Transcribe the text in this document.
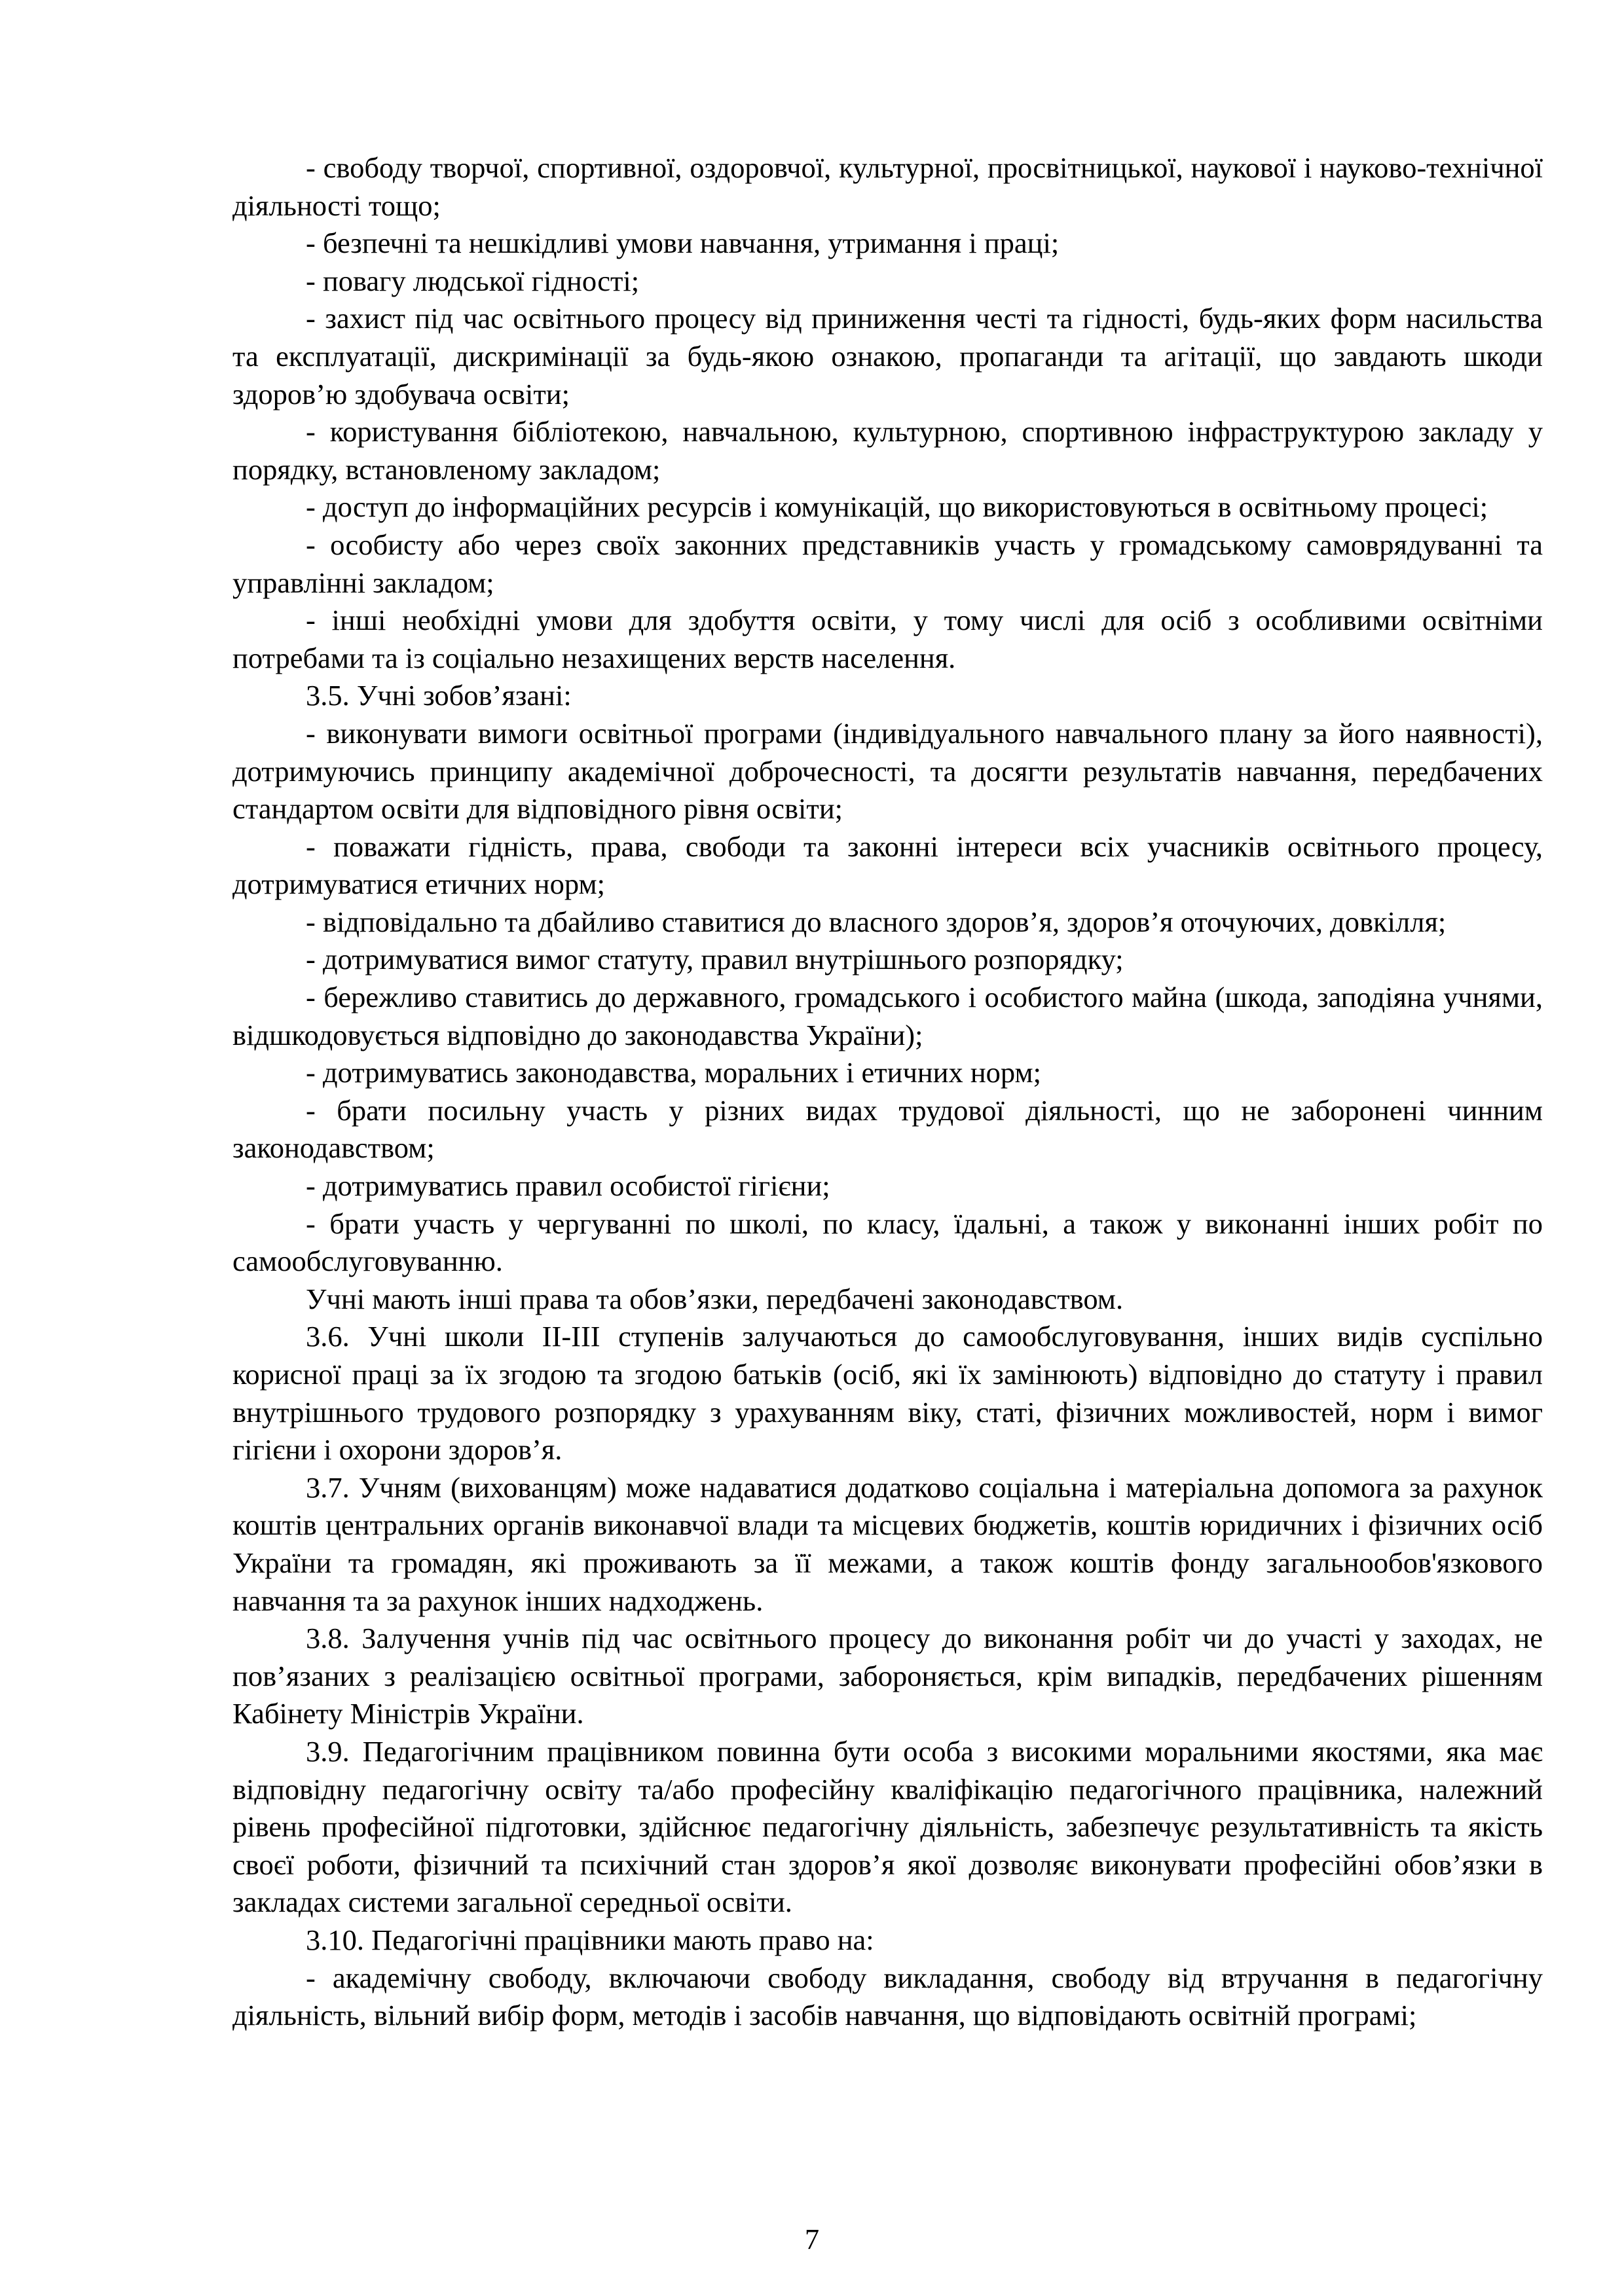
- свободу творчої, спортивної, оздоровчої, культурної, просвітницької, наукової і науково-технічної діяльності тощо;

- безпечні та нешкідливі умови навчання, утримання і праці;

- повагу людської гідності;

- захист під час освітнього процесу від приниження честі та гідності, будь-яких форм насильства та експлуатації, дискримінації за будь-якою ознакою, пропаганди та агітації, що завдають шкоди здоров’ю здобувача освіти;

- користування бібліотекою, навчальною, культурною, спортивною інфраструктурою закладу у порядку, встановленому закладом;

- доступ до інформаційних ресурсів і комунікацій, що використовуються в освітньому процесі;

- особисту або через своїх законних представників участь у громадському самоврядуванні та управлінні закладом;

- інші необхідні умови для здобуття освіти, у тому числі для осіб з особливими освітніми потребами та із соціально незахищених верств населення.

3.5. Учні зобов’язані:

- виконувати вимоги освітньої програми (індивідуального навчального плану за його наявності), дотримуючись принципу академічної доброчесності, та досягти результатів навчання, передбачених стандартом освіти для відповідного рівня освіти;

- поважати гідність, права, свободи та законні інтереси всіх учасників освітнього процесу, дотримуватися етичних норм;

- відповідально та дбайливо ставитися до власного здоров’я, здоров’я оточуючих, довкілля;

- дотримуватися вимог статуту, правил внутрішнього розпорядку;

- бережливо ставитись до державного, громадського і особистого майна (шкода, заподіяна учнями, відшкодовується відповідно до законодавства України);

- дотримуватись законодавства, моральних і етичних норм;

- брати посильну участь у різних видах трудової діяльності, що не заборонені чинним законодавством;

- дотримуватись правил особистої гігієни;

- брати участь у чергуванні по школі, по класу, їдальні, а також у виконанні інших робіт по самообслуговуванню.

Учні мають інші права та обов’язки, передбачені законодавством.

3.6. Учні школи ІІ-ІІІ ступенів залучаються до самообслуговування, інших видів суспільно корисної праці за їх згодою та згодою батьків (осіб, які їх замінюють) відповідно до статуту і правил внутрішнього трудового розпорядку з урахуванням віку, статі, фізичних можливостей, норм і вимог гігієни і охорони здоров’я.

3.7. Учням (вихованцям) може надаватися додатково соціальна і матеріальна допомога за рахунок коштів центральних органів виконавчої влади та місцевих бюджетів, коштів юридичних і фізичних осіб України та громадян, які проживають за її межами, а також коштів фонду загальнообов'язкового навчання та за рахунок інших надходжень.

3.8. Залучення учнів під час освітнього процесу до виконання робіт чи до участі у заходах, не пов’язаних з реалізацією освітньої програми, забороняється, крім випадків, передбачених рішенням Кабінету Міністрів України.

3.9. Педагогічним працівником повинна бути особа з високими моральними якостями, яка має відповідну педагогічну освіту та/або професійну кваліфікацію педагогічного працівника, належний рівень професійної підготовки, здійснює педагогічну діяльність, забезпечує результативність та якість своєї роботи, фізичний та психічний стан здоров’я якої дозволяє виконувати професійні обов’язки в закладах системи загальної середньої освіти.

3.10. Педагогічні працівники мають право на:

- академічну свободу, включаючи свободу викладання, свободу від втручання в педагогічну діяльність, вільний вибір форм, методів і засобів навчання, що відповідають освітній програмі;

7
